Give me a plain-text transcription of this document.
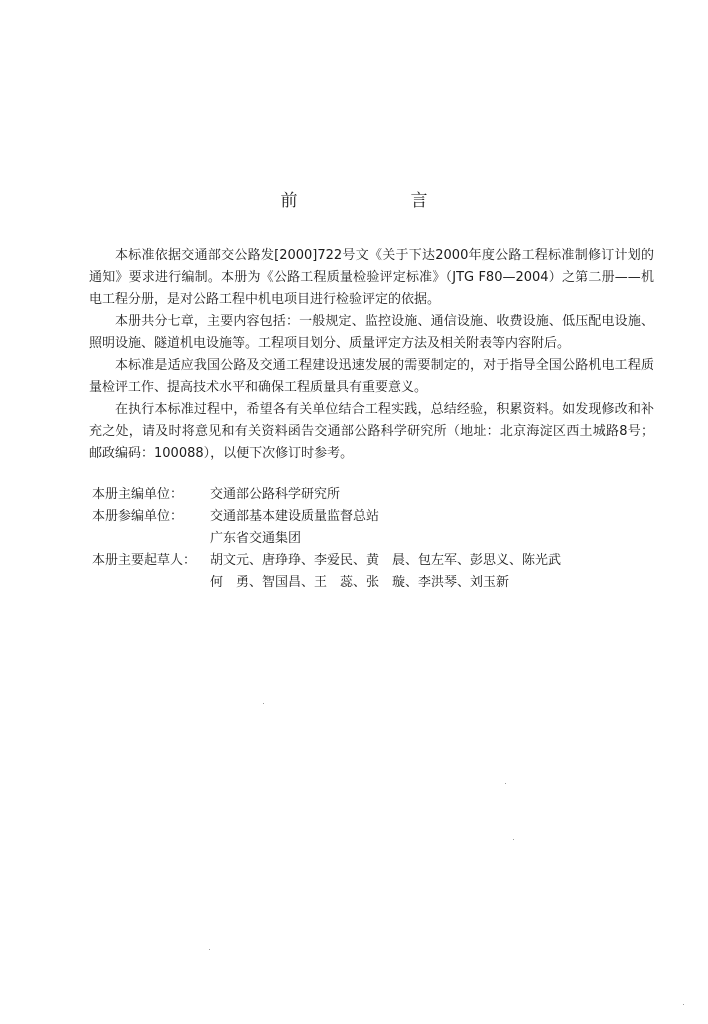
前　言

本标准依据交通部交公路发[2000]722号文《关于下达2000年度公路工程标准制修订计划的通知》要求进行编制。本册为《公路工程质量检验评定标准》（JTG F80—2004）之第二册——机电工程分册，是对公路工程中机电项目进行检验评定的依据。

本册共分七章，主要内容包括：一般规定、监控设施、通信设施、收费设施、低压配电设施、照明设施、隧道机电设施等。工程项目划分、质量评定方法及相关附表等内容附后。

本标准是适应我国公路及交通工程建设迅速发展的需要制定的，对于指导全国公路机电工程质量检评工作、提高技术水平和确保工程质量具有重要意义。

在执行本标准过程中，希望各有关单位结合工程实践，总结经验，积累资料。如发现修改和补充之处，请及时将意见和有关资料函告交通部公路科学研究所（地址：北京海淀区西土城路8号；邮政编码：100088），以便下次修订时参考。

本册主编单位：	交通部公路科学研究所
本册参编单位：	交通部基本建设质量监督总站
广东省交通集团
本册主要起草人：	胡文元、唐琤琤、李爱民、黄　晨、包左军、彭思义、陈光武
何　勇、智国昌、王　蕊、张　璇、李洪琴、刘玉新
